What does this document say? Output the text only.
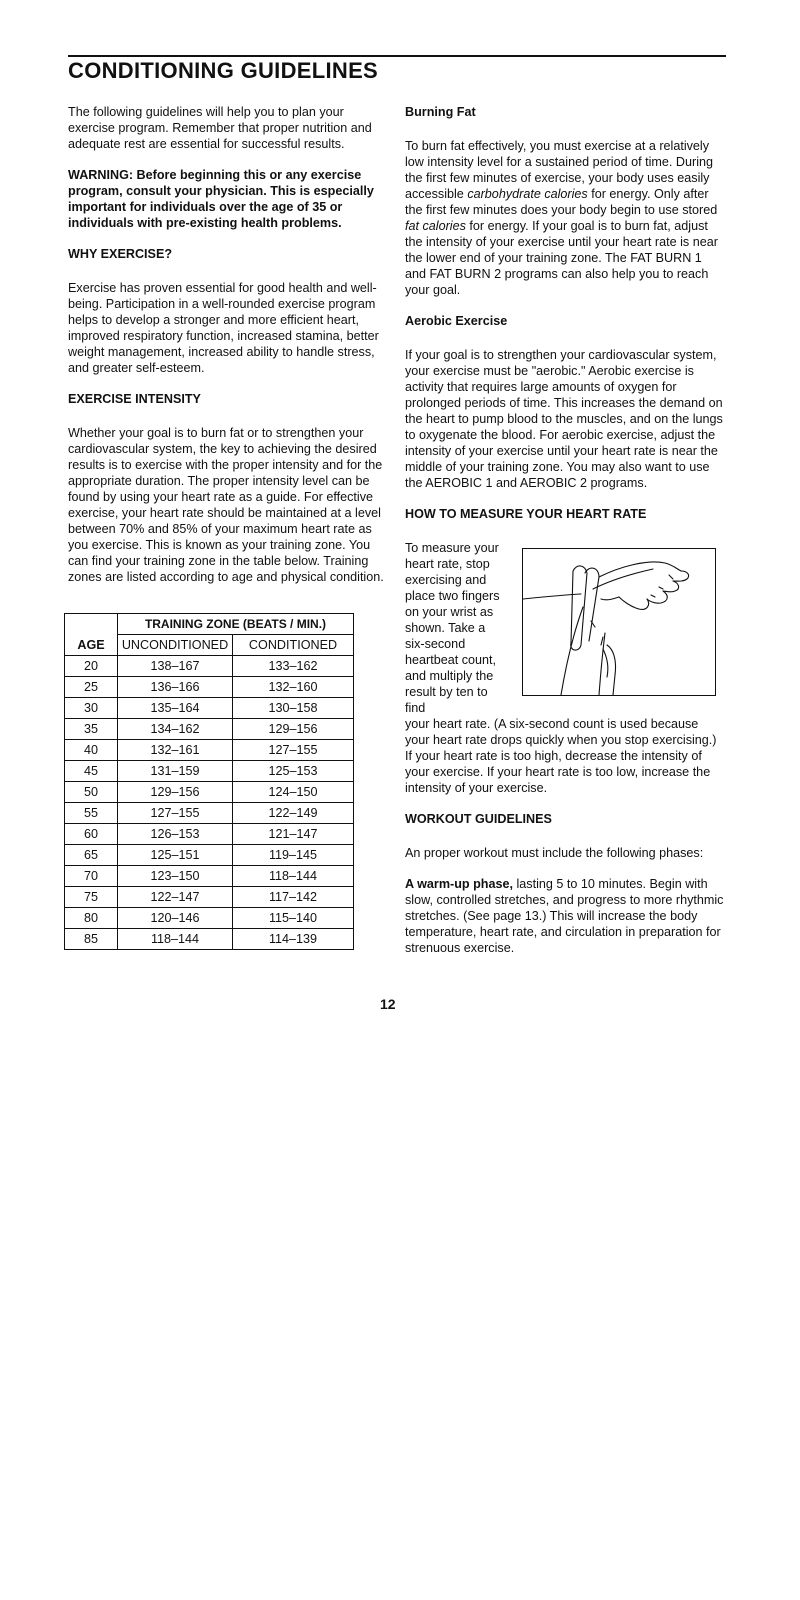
CONDITIONING GUIDELINES

The following guidelines will help you to plan your exercise program. Remember that proper nutrition and adequate rest are essential for successful results.

WARNING: Before beginning this or any exercise program, consult your physician. This is especially important for individuals over the age of 35 or individuals with pre-existing health problems.

WHY EXERCISE?

Exercise has proven essential for good health and well-being. Participation in a well-rounded exercise program helps to develop a stronger and more efficient heart, improved respiratory function, increased stamina, better weight management, increased ability to handle stress, and greater self-esteem.

EXERCISE INTENSITY

Whether your goal is to burn fat or to strengthen your cardiovascular system, the key to achieving the desired results is to exercise with the proper intensity and for the appropriate duration. The proper intensity level can be found by using your heart rate as a guide. For effective exercise, your heart rate should be maintained at a level between 70% and 85% of your maximum heart rate as you exercise. This is known as your training zone. You can find your training zone in the table below. Training zones are listed according to age and physical condition.

	TRAINING ZONE (BEATS / MIN.)	
AGE	UNCONDITIONED	CONDITIONED
20	138–167	133–162
25	136–166	132–160
30	135–164	130–158
35	134–162	129–156
40	132–161	127–155
45	131–159	125–153
50	129–156	124–150
55	127–155	122–149
60	126–153	121–147
65	125–151	119–145
70	123–150	118–144
75	122–147	117–142
80	120–146	115–140
85	118–144	114–139
Burning Fat

To burn fat effectively, you must exercise at a relatively low intensity level for a sustained period of time. During the first few minutes of exercise, your body uses easily accessible carbohydrate calories for energy. Only after the first few minutes does your body begin to use stored fat calories for energy. If your goal is to burn fat, adjust the intensity of your exercise until your heart rate is near the lower end of your training zone. The FAT BURN 1 and FAT BURN 2 programs can also help you to reach your goal.

Aerobic Exercise

If your goal is to strengthen your cardiovascular system, your exercise must be "aerobic." Aerobic exercise is activity that requires large amounts of oxygen for prolonged periods of time. This increases the demand on the heart to pump blood to the muscles, and on the lungs to oxygenate the blood. For aerobic exercise, adjust the intensity of your exercise until your heart rate is near the middle of your training zone. You may also want to use the AEROBIC 1 and AEROBIC 2 programs.

HOW TO MEASURE YOUR HEART RATE
To measure your heart rate, stop exercising and place two fingers on your wrist as shown. Take a six-second heartbeat count, and multiply the result by ten to find

your heart rate. (A six-second count is used because your heart rate drops quickly when you stop exercising.) If your heart rate is too high, decrease the intensity of your exercise. If your heart rate is too low, increase the intensity of your exercise.

WORKOUT GUIDELINES

An proper workout must include the following phases:

A warm-up phase, lasting 5 to 10 minutes. Begin with slow, controlled stretches, and progress to more rhythmic stretches. (See page 13.) This will increase the body temperature, heart rate, and circulation in preparation for strenuous exercise.

12
